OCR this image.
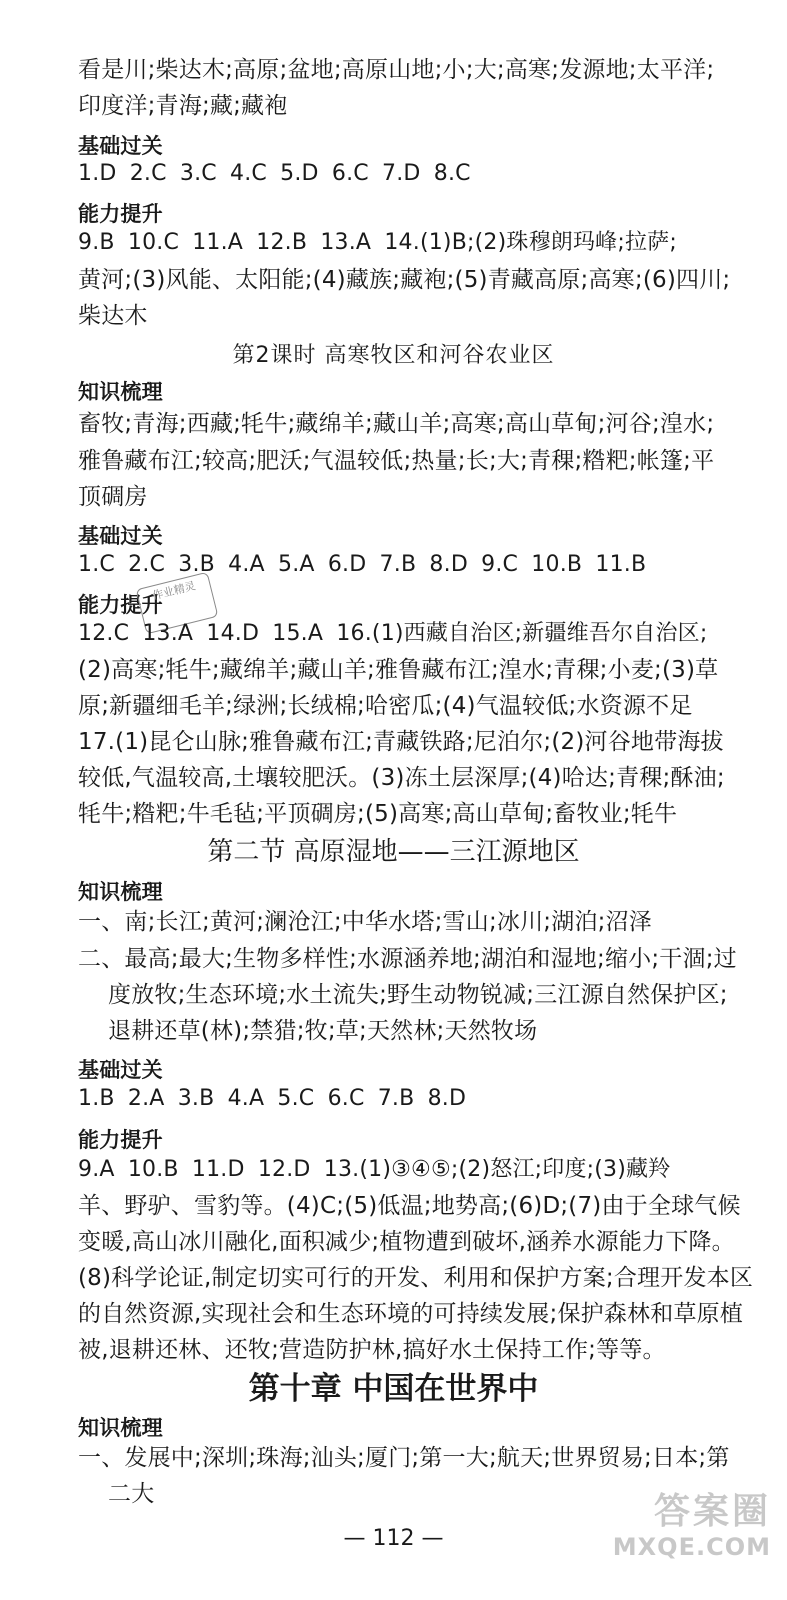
看是川;柴达木;高原;盆地;高原山地;小;大;高寒;发源地;太平洋;
印度洋;青海;藏;藏袍
基础过关
1.D 2.C 3.C 4.C 5.D 6.C 7.D 8.C
能力提升
9.B 10.C 11.A 12.B 13.A 14.(1)B;(2)珠穆朗玛峰;拉萨;
黄河;(3)风能、太阳能;(4)藏族;藏袍;(5)青藏高原;高寒;(6)四川;
柴达木
第2课时 高寒牧区和河谷农业区
知识梳理
畜牧;青海;西藏;牦牛;藏绵羊;藏山羊;高寒;高山草甸;河谷;湟水;
雅鲁藏布江;较高;肥沃;气温较低;热量;长;大;青稞;糌粑;帐篷;平
顶碉房
基础过关
1.C 2.C 3.B 4.A 5.A 6.D 7.B 8.D 9.C 10.B 11.B
能力提升
作业精灵
12.C 13.A 14.D 15.A 16.(1)西藏自治区;新疆维吾尔自治区;
(2)高寒;牦牛;藏绵羊;藏山羊;雅鲁藏布江;湟水;青稞;小麦;(3)草
原;新疆细毛羊;绿洲;长绒棉;哈密瓜;(4)气温较低;水资源不足
17.(1)昆仑山脉;雅鲁藏布江;青藏铁路;尼泊尔;(2)河谷地带海拔
较低,气温较高,土壤较肥沃。(3)冻土层深厚;(4)哈达;青稞;酥油;
牦牛;糌粑;牛毛毡;平顶碉房;(5)高寒;高山草甸;畜牧业;牦牛
第二节 高原湿地——三江源地区
知识梳理
一、南;长江;黄河;澜沧江;中华水塔;雪山;冰川;湖泊;沼泽
二、最高;最大;生物多样性;水源涵养地;湖泊和湿地;缩小;干涸;过
度放牧;生态环境;水土流失;野生动物锐减;三江源自然保护区;
退耕还草(林);禁猎;牧;草;天然林;天然牧场
基础过关
1.B 2.A 3.B 4.A 5.C 6.C 7.B 8.D
能力提升
9.A 10.B 11.D 12.D 13.(1)③④⑤;(2)怒江;印度;(3)藏羚
羊、野驴、雪豹等。(4)C;(5)低温;地势高;(6)D;(7)由于全球气候
变暖,高山冰川融化,面积减少;植物遭到破坏,涵养水源能力下降。
(8)科学论证,制定切实可行的开发、利用和保护方案;合理开发本区
的自然资源,实现社会和生态环境的可持续发展;保护森林和草原植
被,退耕还林、还牧;营造防护林,搞好水土保持工作;等等。
第十章 中国在世界中
知识梳理
一、发展中;深圳;珠海;汕头;厦门;第一大;航天;世界贸易;日本;第
二大
— 112 —
答案圈
MXQE.COM
